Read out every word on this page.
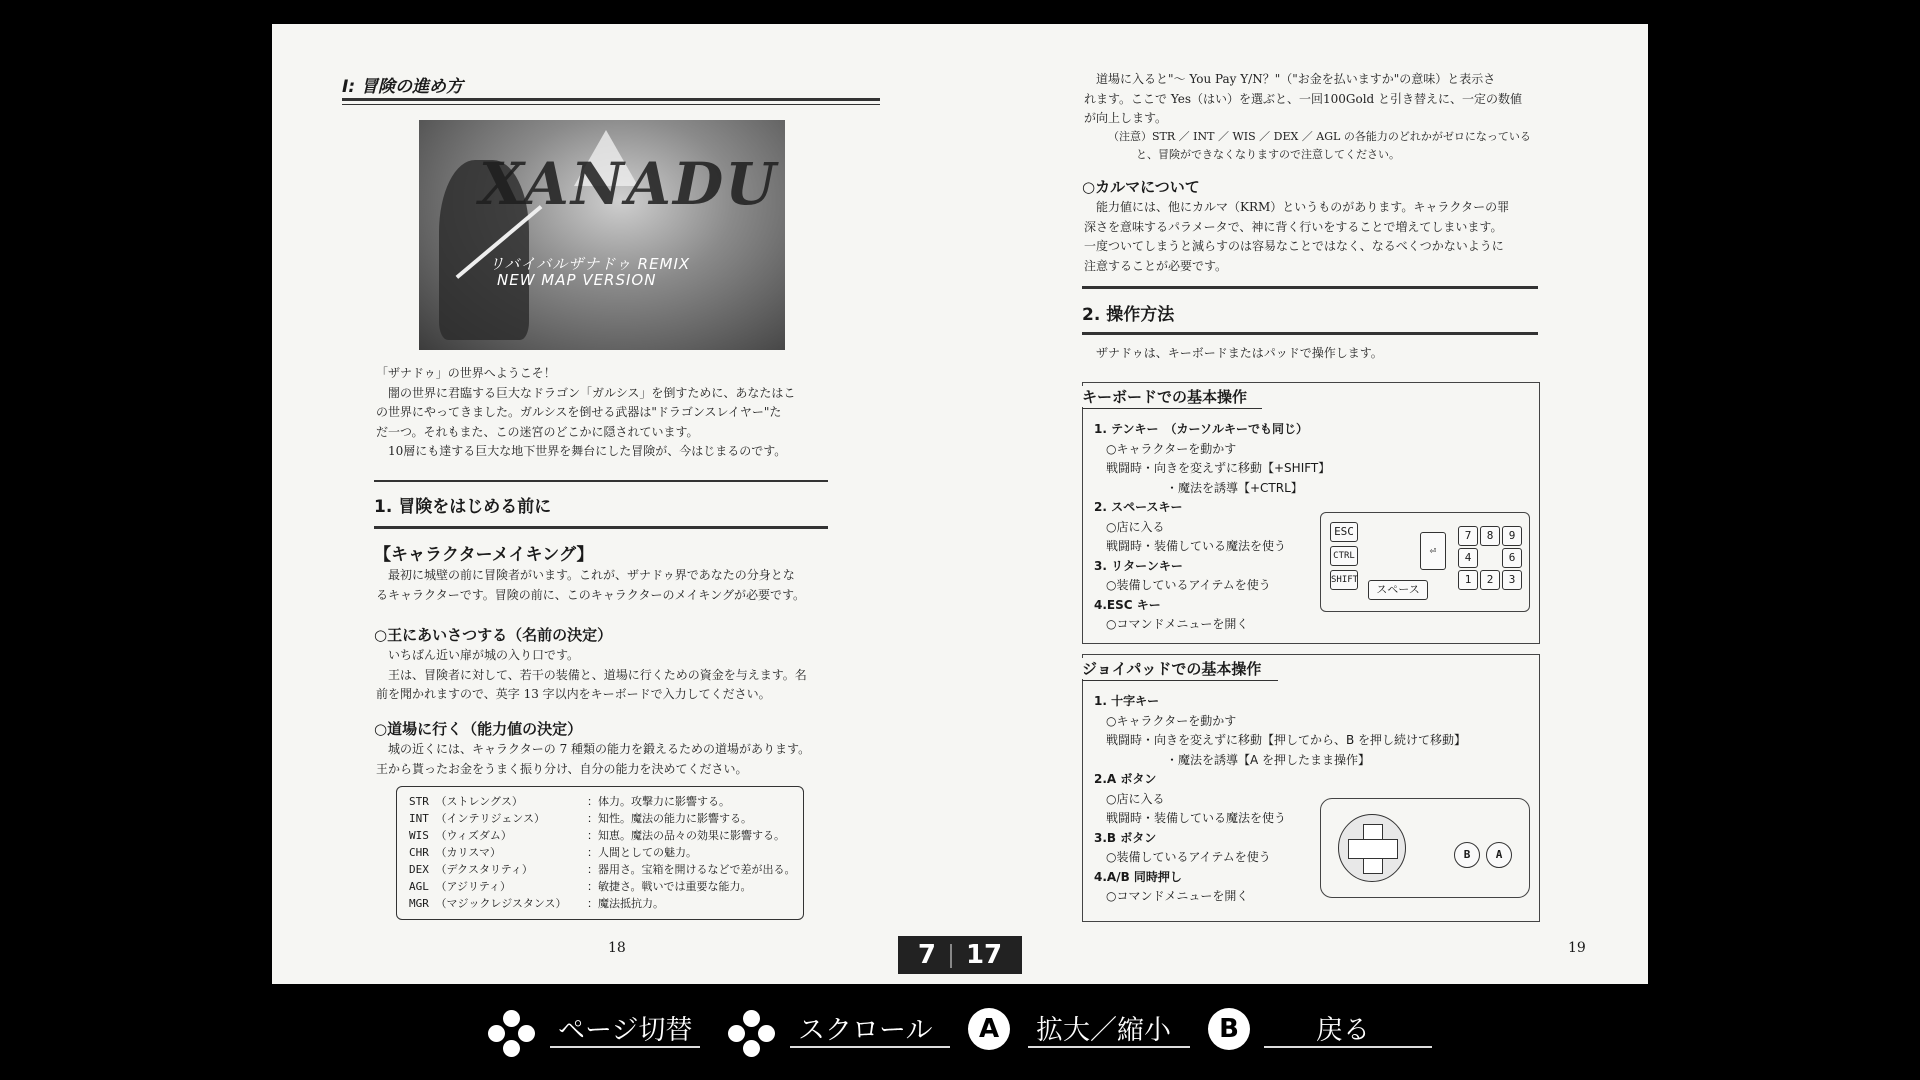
Ⅰ: 冒険の進め方
XANADU
リバイバルザナドゥ REMIX
NEW MAP VERSION
「ザナドゥ」の世界へようこそ！
　闇の世界に君臨する巨大なドラゴン「ガルシス」を倒すために、あなたはこ
の世界にやってきました。ガルシスを倒せる武器は"ドラゴンスレイヤー"た
だ一つ。それもまた、この迷宮のどこかに隠されています。
　10層にも達する巨大な地下世界を舞台にした冒険が、今はじまるのです。
1. 冒険をはじめる前に
【キャラクターメイキング】
　最初に城壁の前に冒険者がいます。これが、ザナドゥ界であなたの分身とな
るキャラクターです。冒険の前に、このキャラクターのメイキングが必要です。
○王にあいさつする（名前の決定）
　いちばん近い扉が城の入り口です。
　王は、冒険者に対して、若干の装備と、道場に行くための資金を与えます。名
前を聞かれますので、英字 13 字以内をキーボードで入力してください。
○道場に行く（能力値の決定）
　城の近くには、キャラクターの 7 種類の能力を鍛えるための道場があります。
王から貰ったお金をうまく振り分け、自分の能力を決めてください。
STR （ストレングス）	：体力。攻撃力に影響する。
INT （インテリジェンス）	：知性。魔法の能力に影響する。
WIS （ウィズダム）	：知恵。魔法の品々の効果に影響する。
CHR （カリスマ）	：人間としての魅力。
DEX （デクスタリティ）	：器用さ。宝箱を開けるなどで差が出る。
AGL （アジリティ）	：敏捷さ。戦いでは重要な能力。
MGR （マジックレジスタンス） ：魔法抵抗力。
18
　道場に入ると"～ You Pay Y/N？"（"お金を払いますか"の意味）と表示さ
れます。ここで Yes（はい）を選ぶと、一回100Gold と引き替えに、一定の数値
が向上します。
（注意）STR ／ INT ／ WIS ／ DEX ／ AGL の各能力のどれかがゼロになっている
と、冒険ができなくなりますので注意してください。
○カルマについて
　能力値には、他にカルマ（KRM）というものがあります。キャラクターの罪
深さを意味するパラメータで、神に背く行いをすることで増えてしまいます。
一度ついてしまうと減らすのは容易なことではなく、なるべくつかないように
注意することが必要です。
2. 操作方法
　ザナドゥは、キーボードまたはパッドで操作します。
キーボードでの基本操作
1. テンキー　（カーソルキーでも同じ）
　○キャラクターを動かす
　戦闘時・向きを変えずに移動【+SHIFT】
　　　　　　・魔法を誘導【+CTRL】
2. スペースキー
　○店に入る
　戦闘時・装備している魔法を使う
3. リターンキー
　○装備しているアイテムを使う
4.ESC キー
　○コマンドメニューを開く
ESC
CTRL
SHIFT
スペース
⏎
7	8	9
4	6
1	2	3
ジョイパッドでの基本操作
1. 十字キー
　○キャラクターを動かす
　戦闘時・向きを変えずに移動【押してから、B を押し続けて移動】
　　　　　　・魔法を誘導【A を押したまま操作】
2.A ボタン
　○店に入る
　戦闘時・装備している魔法を使う
3.B ボタン
　○装備しているアイテムを使う
4.A/B 同時押し
　○コマンドメニューを開く
B	A
19
7 17
ページ切替	スクロール	A	拡大／縮小	B	戻る
